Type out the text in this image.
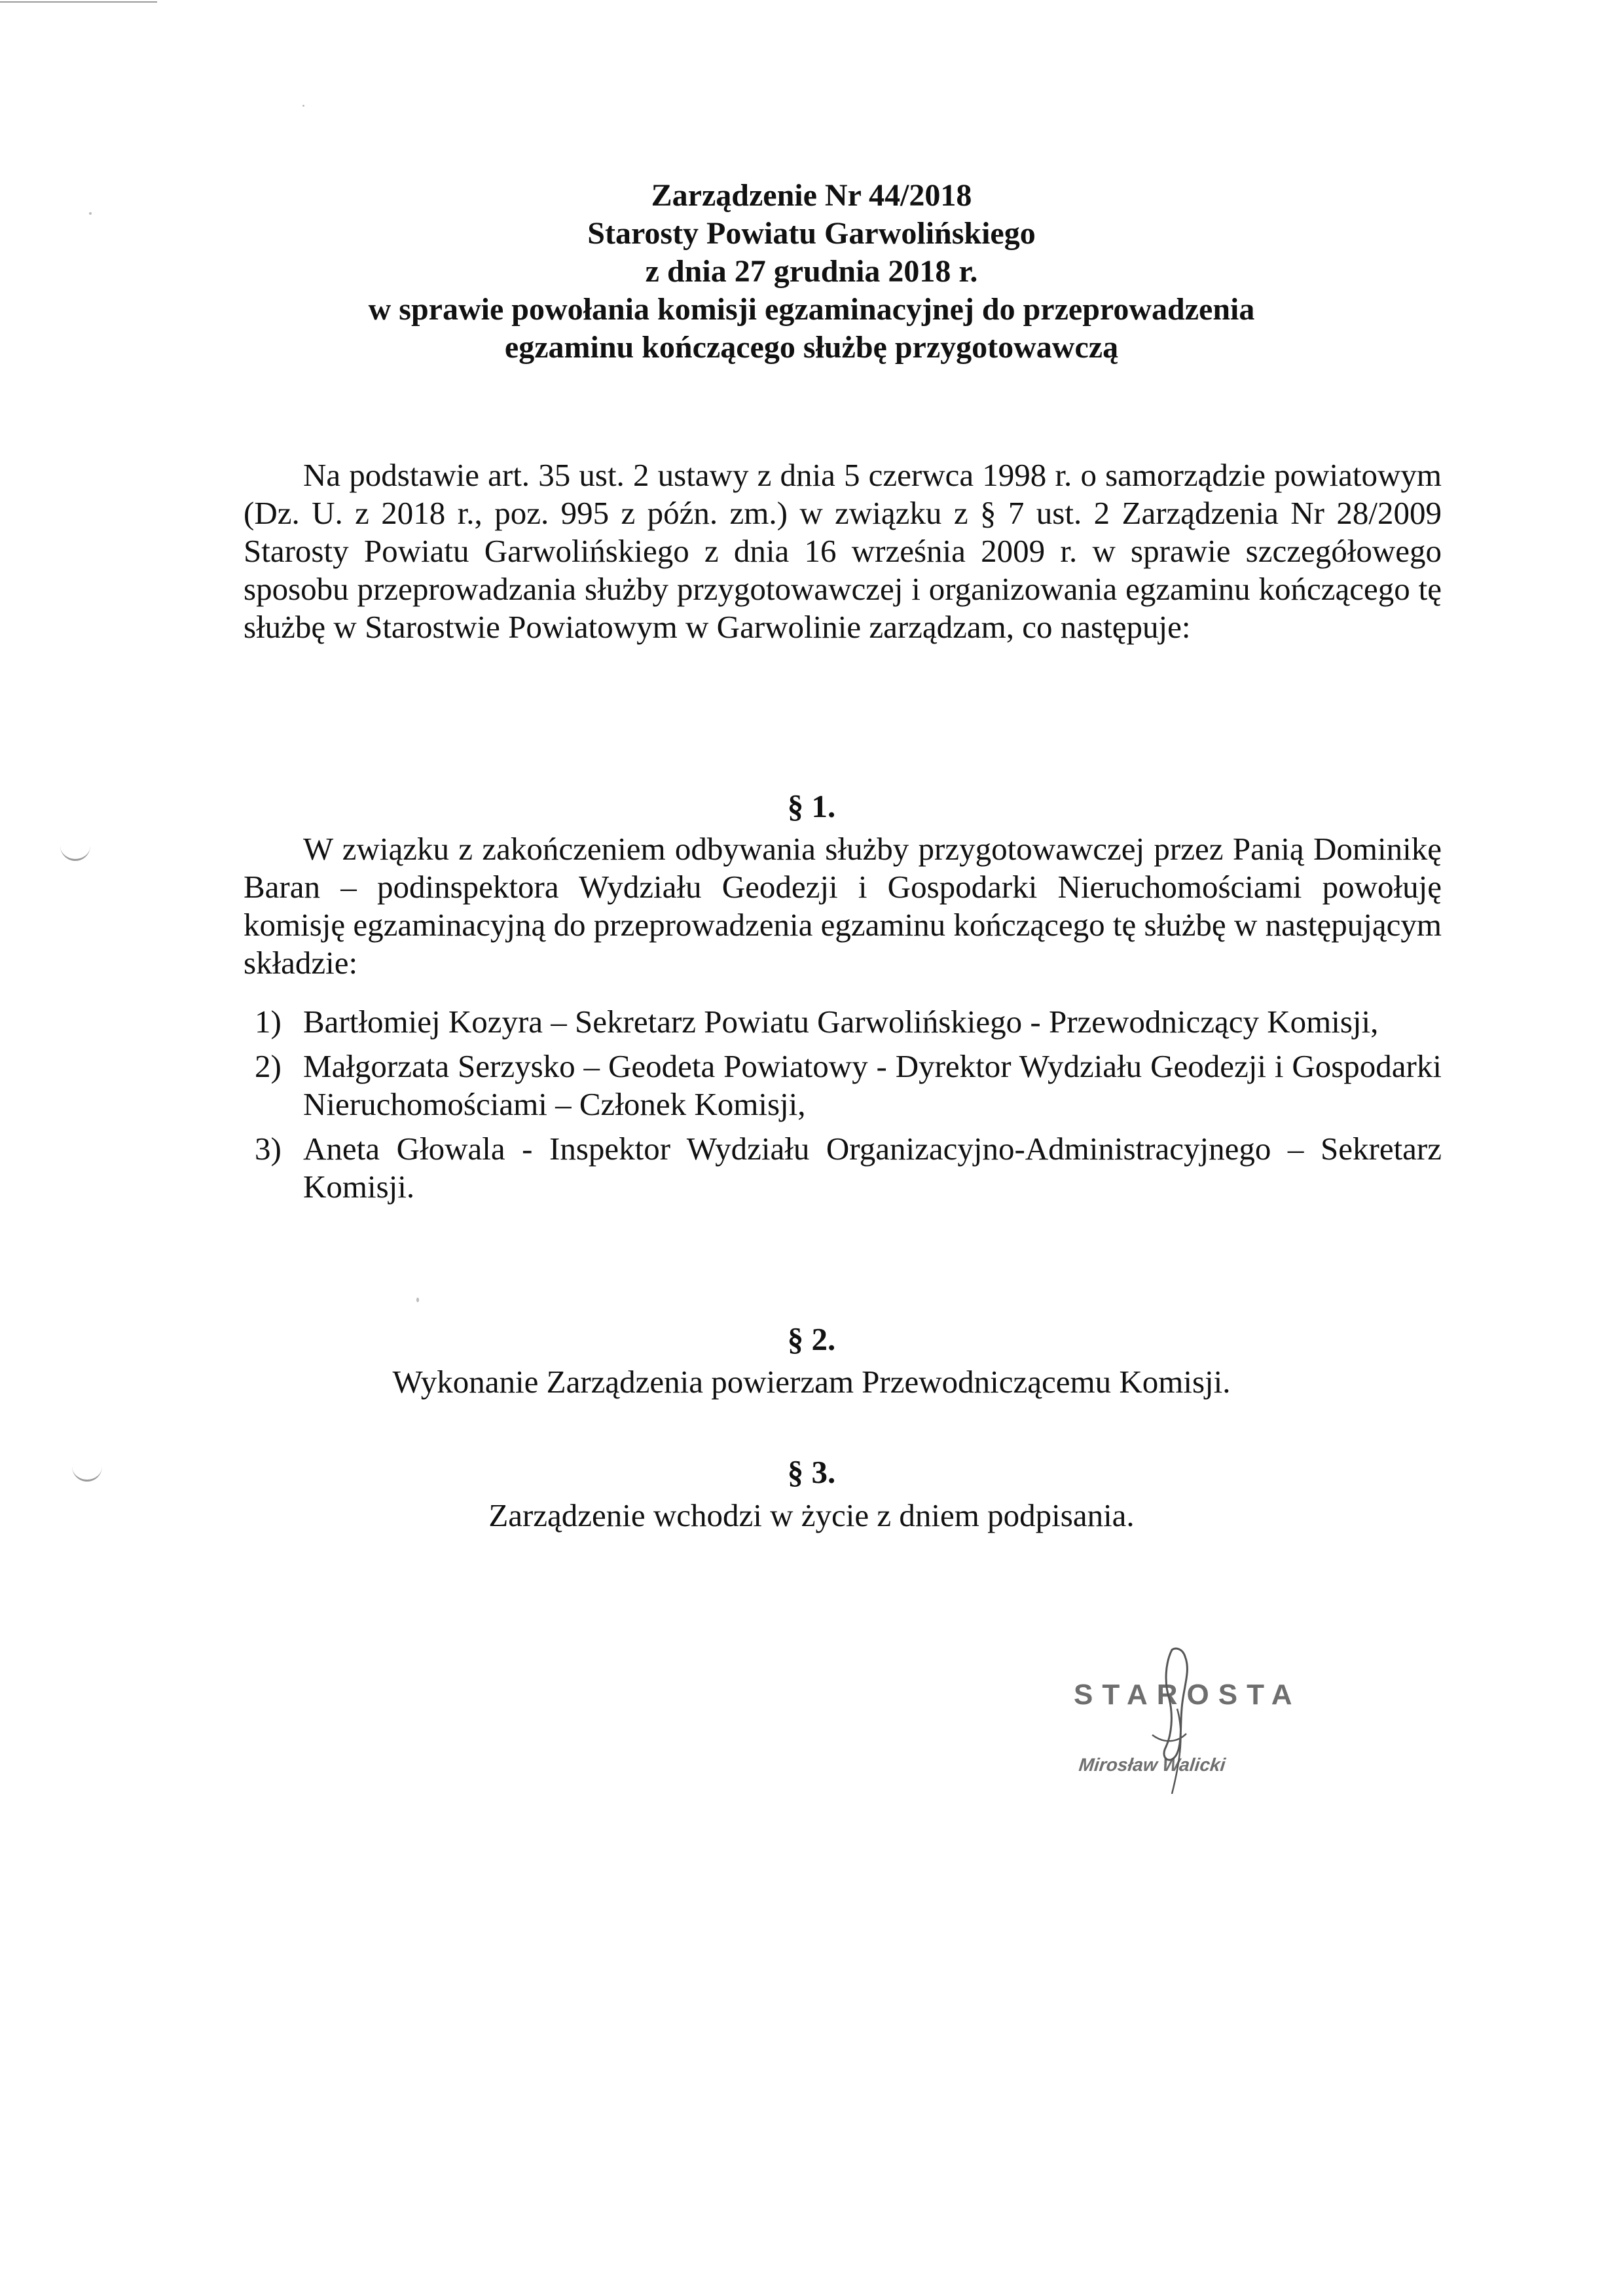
Zarządzenie Nr 44/2018
Starosty Powiatu Garwolińskiego
z dnia 27 grudnia 2018 r.
w sprawie powołania komisji egzaminacyjnej do przeprowadzenia
egzaminu kończącego służbę przygotowawczą
Na podstawie art. 35 ust. 2 ustawy z dnia 5 czerwca 1998 r. o samorządzie powiatowym (Dz. U. z 2018 r., poz. 995 z późn. zm.) w związku z § 7 ust. 2 Zarządzenia Nr 28/2009 Starosty Powiatu Garwolińskiego z dnia 16 września 2009 r. w sprawie szczegółowego sposobu przeprowadzania służby przygotowawczej i organizowania egzaminu kończącego tę służbę w Starostwie Powiatowym w Garwolinie zarządzam, co następuje:
§ 1.
W związku z zakończeniem odbywania służby przygotowawczej przez Panią Dominikę Baran – podinspektora Wydziału Geodezji i Gospodarki Nieruchomościami powołuję komisję egzaminacyjną do przeprowadzenia egzaminu kończącego tę służbę w następującym składzie:
1) Bartłomiej Kozyra – Sekretarz Powiatu Garwolińskiego - Przewodniczący Komisji,
2) Małgorzata Serzysko – Geodeta Powiatowy - Dyrektor Wydziału Geodezji i Gospodarki Nieruchomościami – Członek Komisji,
3) Aneta Głowala - Inspektor Wydziału Organizacyjno-Administracyjnego – Sekretarz Komisji.
§ 2.
Wykonanie Zarządzenia powierzam Przewodniczącemu Komisji.
§ 3.
Zarządzenie wchodzi w życie z dniem podpisania.
STAROSTA
Mirosław Walicki
